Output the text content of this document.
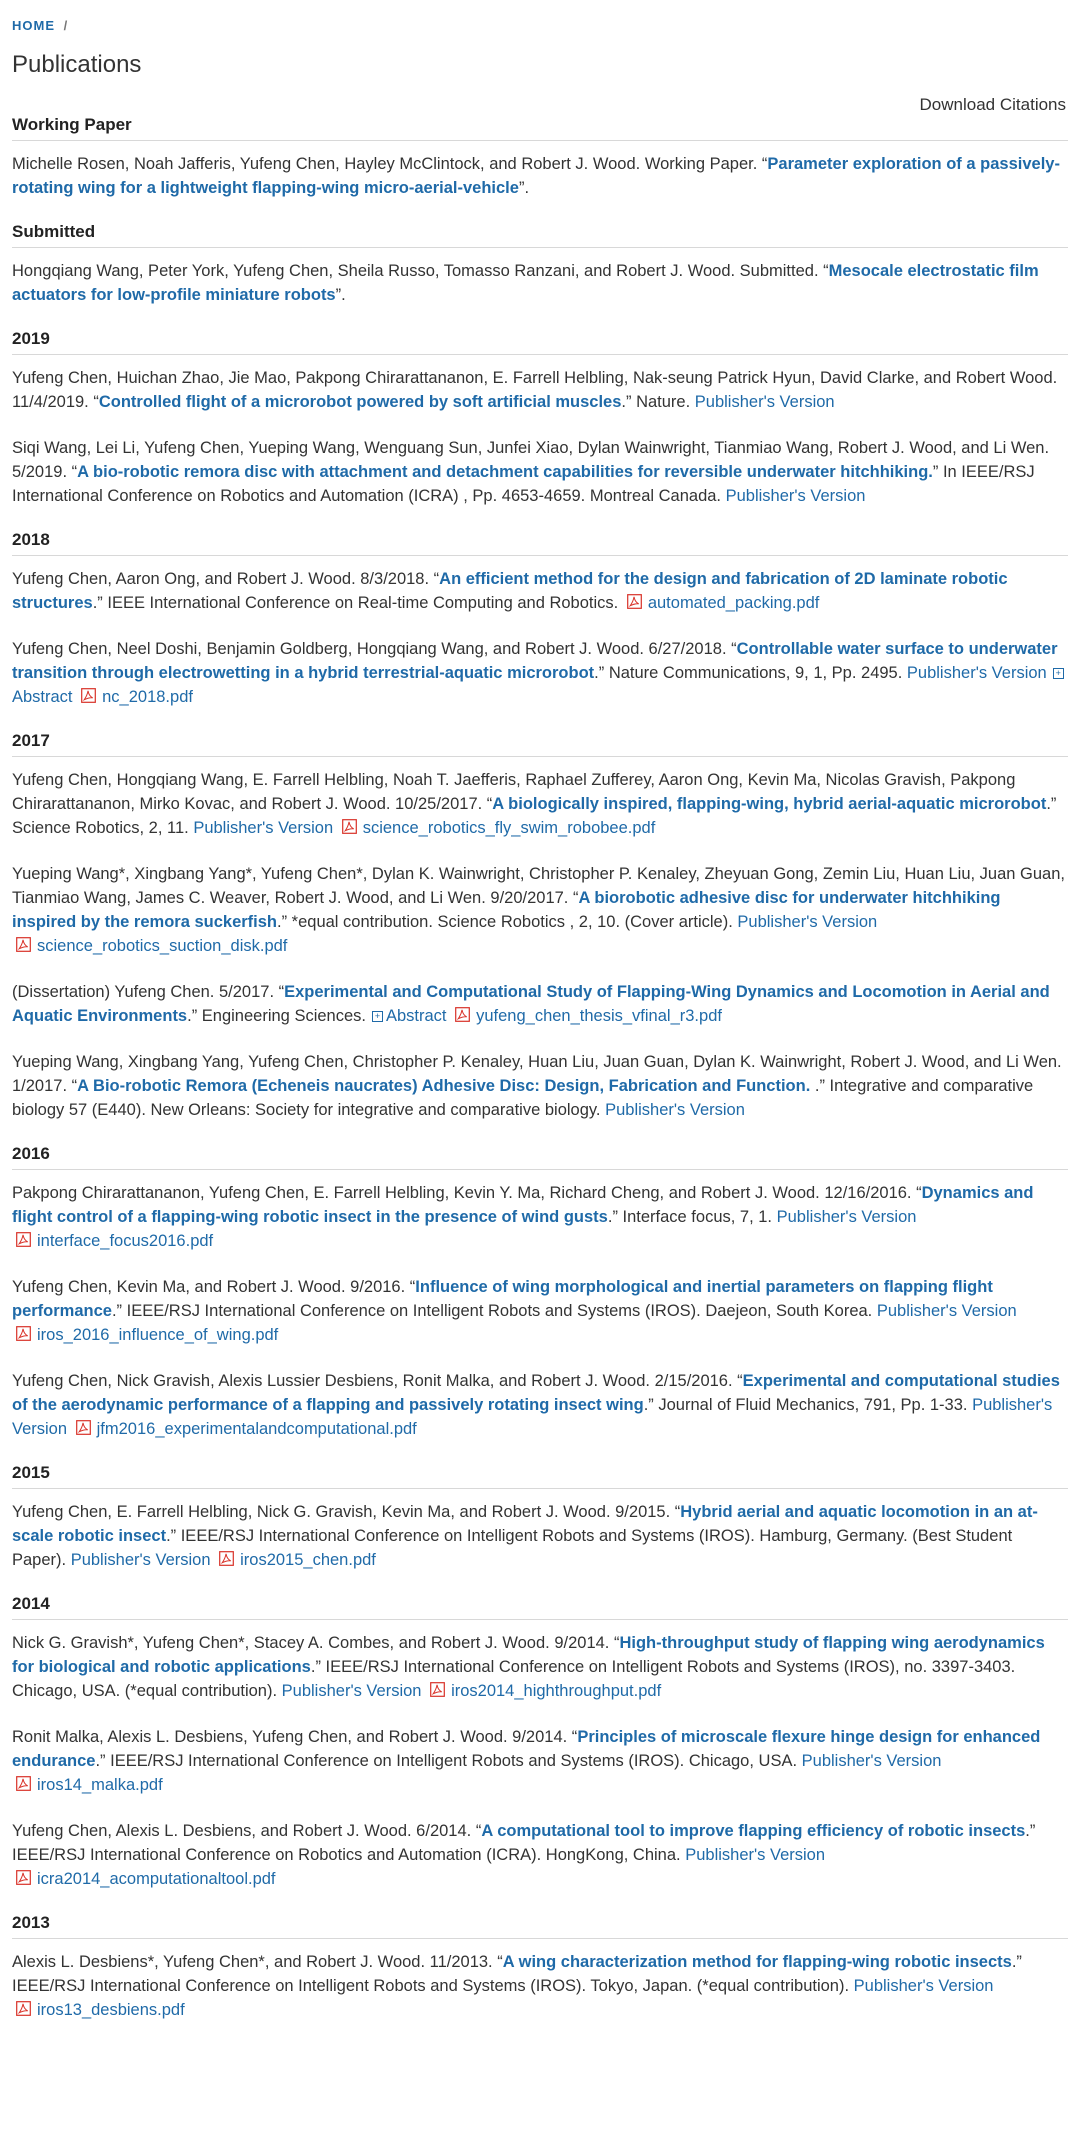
HOME /
Publications
Download Citations
Working Paper

Michelle Rosen, Noah Jafferis, Yufeng Chen, Hayley McClintock, and Robert J. Wood. Working Paper. “Parameter exploration of a passively-rotating wing for a lightweight flapping-wing micro-aerial-vehicle”.

Submitted

Hongqiang Wang, Peter York, Yufeng Chen, Sheila Russo, Tomasso Ranzani, and Robert J. Wood. Submitted. “Mesocale electrostatic film actuators for low-profile miniature robots”.

2019

Yufeng Chen, Huichan Zhao, Jie Mao, Pakpong Chirarattananon, E. Farrell Helbling, Nak-seung Patrick Hyun, David Clarke, and Robert Wood. 11/4/2019. “Controlled flight of a microrobot powered by soft artificial muscles.” Nature. Publisher's Version

Siqi Wang, Lei Li, Yufeng Chen, Yueping Wang, Wenguang Sun, Junfei Xiao, Dylan Wainwright, Tianmiao Wang, Robert J. Wood, and Li Wen. 5/2019. “A bio-robotic remora disc with attachment and detachment capabilities for reversible underwater hitchhiking.” In IEEE/RSJ International Conference on Robotics and Automation (ICRA) , Pp. 4653-4659. Montreal Canada. Publisher's Version

2018

Yufeng Chen, Aaron Ong, and Robert J. Wood. 8/3/2018. “An efficient method for the design and fabrication of 2D laminate robotic structures.” IEEE International Conference on Real-time Computing and Robotics. automated_packing.pdf

Yufeng Chen, Neel Doshi, Benjamin Goldberg, Hongqiang Wang, and Robert J. Wood. 6/27/2018. “Controllable water surface to underwater transition through electrowetting in a hybrid terrestrial-aquatic microrobot.” Nature Communications, 9, 1, Pp. 2495. Publisher's Version +Abstract nc_2018.pdf

2017

Yufeng Chen, Hongqiang Wang, E. Farrell Helbling, Noah T. Jaefferis, Raphael Zufferey, Aaron Ong, Kevin Ma, Nicolas Gravish, Pakpong Chirarattananon, Mirko Kovac, and Robert J. Wood. 10/25/2017. “A biologically inspired, flapping-wing, hybrid aerial-aquatic microrobot.” Science Robotics, 2, 11. Publisher's Version science_robotics_fly_swim_robobee.pdf

Yueping Wang*, Xingbang Yang*, Yufeng Chen*, Dylan K. Wainwright, Christopher P. Kenaley, Zheyuan Gong, Zemin Liu, Huan Liu, Juan Guan, Tianmiao Wang, James C. Weaver, Robert J. Wood, and Li Wen. 9/20/2017. “A biorobotic adhesive disc for underwater hitchhiking inspired by the remora suckerfish.” *equal contribution. Science Robotics , 2, 10. (Cover article). Publisher's Version science_robotics_suction_disk.pdf

(Dissertation) Yufeng Chen. 5/2017. “Experimental and Computational Study of Flapping-Wing Dynamics and Locomotion in Aerial and Aquatic Environments.” Engineering Sciences. + Abstract yufeng_chen_thesis_vfinal_r3.pdf

Yueping Wang, Xingbang Yang, Yufeng Chen, Christopher P. Kenaley, Huan Liu, Juan Guan, Dylan K. Wainwright, Robert J. Wood, and Li Wen. 1/2017. “A Bio-robotic Remora (Echeneis naucrates) Adhesive Disc: Design, Fabrication and Function. .” Integrative and comparative biology 57 (E440). New Orleans: Society for integrative and comparative biology. Publisher's Version

2016

Pakpong Chirarattananon, Yufeng Chen, E. Farrell Helbling, Kevin Y. Ma, Richard Cheng, and Robert J. Wood. 12/16/2016. “Dynamics and flight control of a flapping-wing robotic insect in the presence of wind gusts.” Interface focus, 7, 1. Publisher's Version interface_focus2016.pdf

Yufeng Chen, Kevin Ma, and Robert J. Wood. 9/2016. “Influence of wing morphological and inertial parameters on flapping flight performance.” IEEE/RSJ International Conference on Intelligent Robots and Systems (IROS). Daejeon, South Korea. Publisher's Version iros_2016_influence_of_wing.pdf

Yufeng Chen, Nick Gravish, Alexis Lussier Desbiens, Ronit Malka, and Robert J. Wood. 2/15/2016. “Experimental and computational studies of the aerodynamic performance of a flapping and passively rotating insect wing.” Journal of Fluid Mechanics, 791, Pp. 1-33. Publisher's Version jfm2016_experimentalandcomputational.pdf

2015

Yufeng Chen, E. Farrell Helbling, Nick G. Gravish, Kevin Ma, and Robert J. Wood. 9/2015. “Hybrid aerial and aquatic locomotion in an at-scale robotic insect.” IEEE/RSJ International Conference on Intelligent Robots and Systems (IROS). Hamburg, Germany. (Best Student Paper). Publisher's Version iros2015_chen.pdf

2014

Nick G. Gravish*, Yufeng Chen*, Stacey A. Combes, and Robert J. Wood. 9/2014. “High-throughput study of flapping wing aerodynamics for biological and robotic applications.” IEEE/RSJ International Conference on Intelligent Robots and Systems (IROS), no. 3397-3403. Chicago, USA. (*equal contribution). Publisher's Version iros2014_highthroughput.pdf

Ronit Malka, Alexis L. Desbiens, Yufeng Chen, and Robert J. Wood. 9/2014. “Principles of microscale flexure hinge design for enhanced endurance.” IEEE/RSJ International Conference on Intelligent Robots and Systems (IROS). Chicago, USA. Publisher's Version iros14_malka.pdf

Yufeng Chen, Alexis L. Desbiens, and Robert J. Wood. 6/2014. “A computational tool to improve flapping efficiency of robotic insects.” IEEE/RSJ International Conference on Robotics and Automation (ICRA). HongKong, China. Publisher's Version icra2014_acomputationaltool.pdf

2013

Alexis L. Desbiens*, Yufeng Chen*, and Robert J. Wood. 11/2013. “A wing characterization method for flapping-wing robotic insects.” IEEE/RSJ International Conference on Intelligent Robots and Systems (IROS). Tokyo, Japan. (*equal contribution). Publisher's Version iros13_desbiens.pdf
